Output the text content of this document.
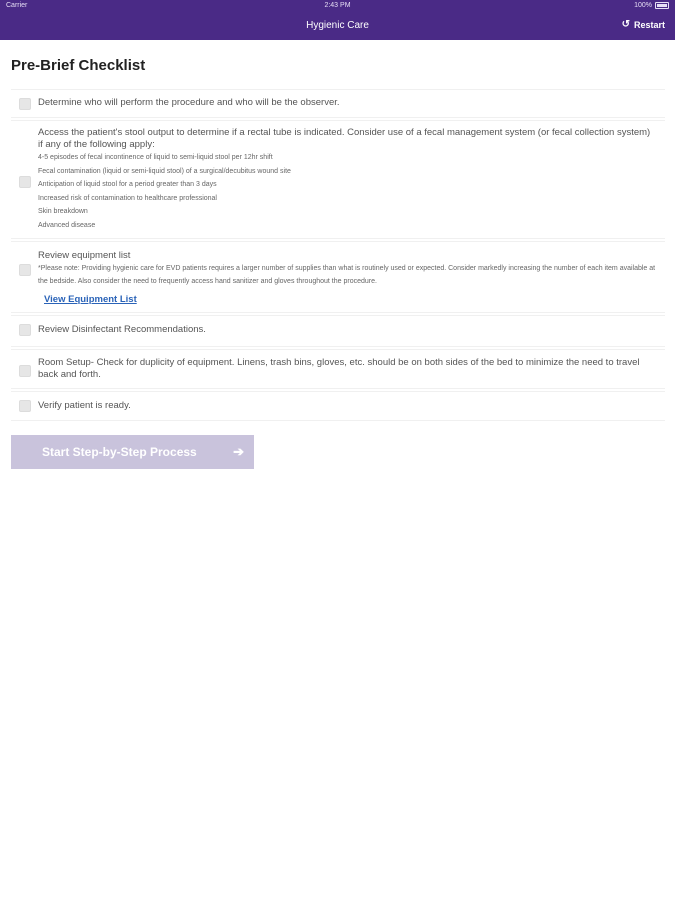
Carrier	2:43 PM	100%
Hygienic Care	↺ Restart
Pre-Brief Checklist
Determine who will perform the procedure and who will be the observer.
Access the patient's stool output to determine if a rectal tube is indicated. Consider use of a fecal management system (or fecal collection system) if any of the following apply:
4-5 episodes of fecal incontinence of liquid to semi-liquid stool per 12hr shift
Fecal contamination (liquid or semi-liquid stool) of a surgical/decubitus wound site
Anticipation of liquid stool for a period greater than 3 days
Increased risk of contamination to healthcare professional
Skin breakdown
Advanced disease
Review equipment list
*Please note: Providing hygienic care for EVD patients requires a larger number of supplies than what is routinely used or expected. Consider markedly increasing the number of each item available at the bedside. Also consider the need to frequently access hand sanitizer and gloves throughout the procedure.
Review Disinfectant Recommendations.
Room Setup- Check for duplicity of equipment. Linens, trash bins, gloves, etc. should be on both sides of the bed to minimize the need to travel back and forth.
Verify patient is ready.
View Equipment List
Start Step-by-Step Process	➔
